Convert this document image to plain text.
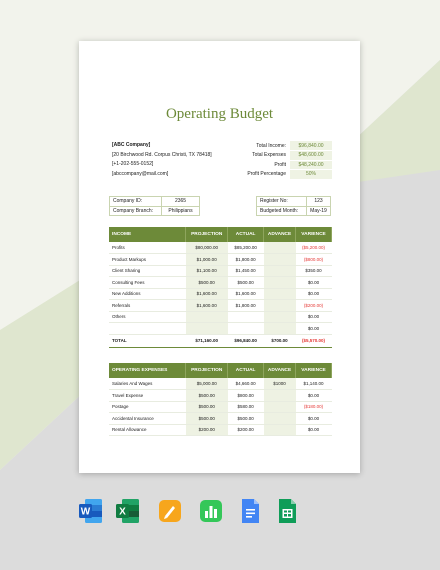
Operating Budget
[ABC Company]
[20 Birchwood Rd. Corpus Christi, TX 78418]
[+1-202-555-0152]
[abccompany@mail.com]
Total Income:	$96,840.00
Total Expenses	$48,600.00
Profit	$48,240.00
Profit Percentage	50%
Company ID:	2365
Company Branch:	Philippians
Register No:	123
Budgeted Month:	May-19
INCOME	PROJECTION	ACTUAL	ADVANCE	VARIENCE
Profits	$80,000.00	$85,200.00		($5,200.00)
Product Markups	$1,000.00	$1,800.00		($800.00)
Client Sharing	$1,100.00	$1,450.00		$350.00
Consulting Fees	$500.00	$500.00		$0.00
New Additions	$1,600.00	$1,600.00		$0.00
Referrals	$1,600.00	$1,800.00		($200.00)
Others				$0.00
				$0.00
TOTAL	$71,160.00	$96,840.00	$700.00	($5,570.00)
OPERATING EXPENSES	PROJECTION	ACTUAL	ADVANCE	VARIENCE
Salaries And Wages	$5,000.00	$4,660.00	$1000	$1,140.00
Travel Expense	$500.00	$800.00		$0.00
Postage	$500.00	$580.00		($180.00)
Accidental Insurance	$500.00	$500.00		$0.00
Rental Allowance	$200.00	$200.00		$0.00
W	X
